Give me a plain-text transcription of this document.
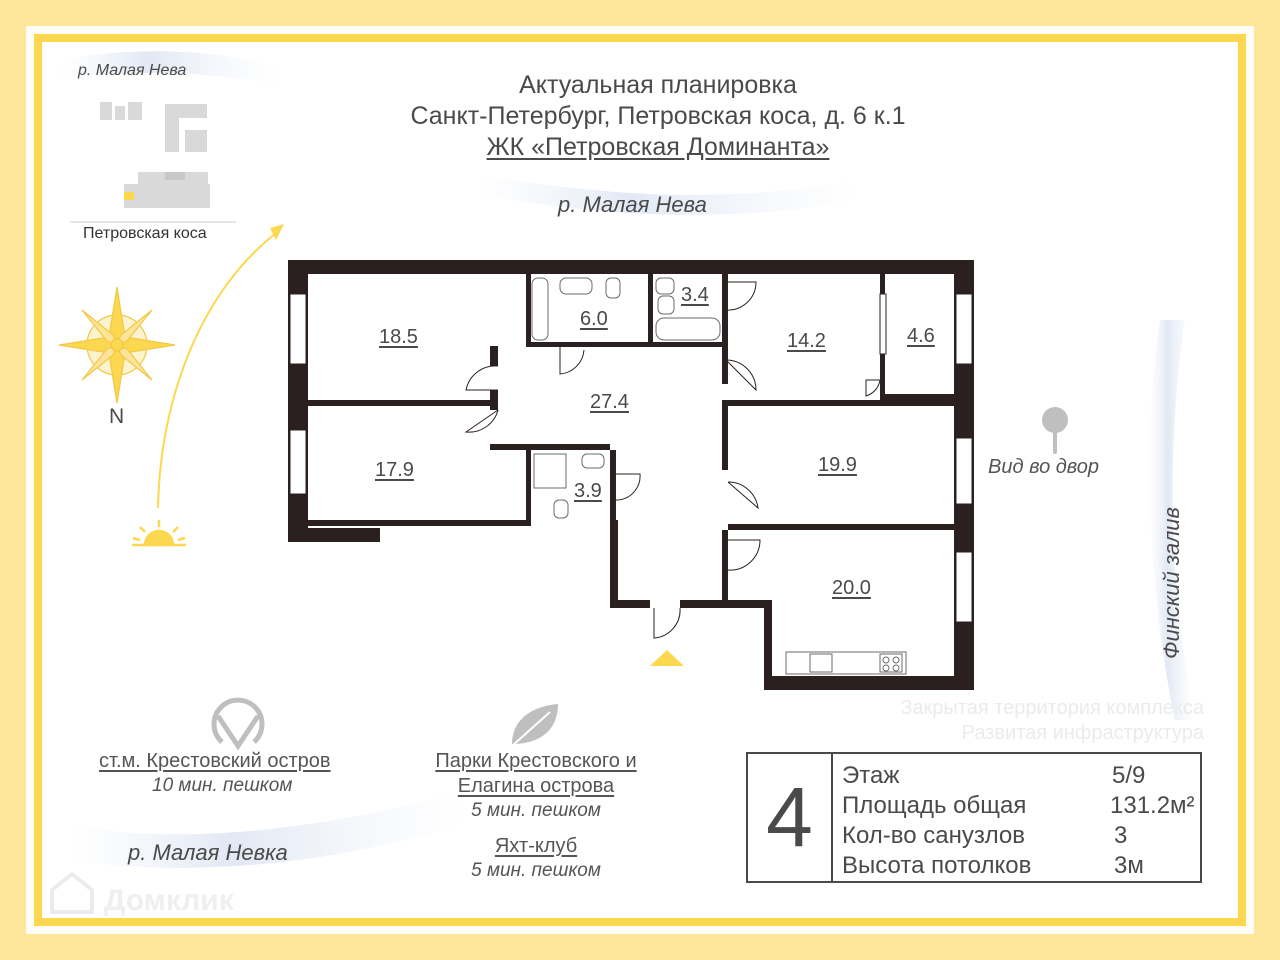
Актуальная планировка
Санкт-Петербург, Петровская коса, д. 6 к.1
ЖК «Петровская Доминанта»
р. Малая Нева
Петровская коса
N
р. Малая Нева
18.5
6.0
3.4
14.2	4.6
27.4
17.9
3.9
19.9
20.0
Вид во двор
Финский залив
Закрытая территория комплекса
Развитая инфраструктура
ст.м. Крестовский остров
10 мин. пешком
Парки Крестовского и
Елагина острова
5 мин. пешком
Яхт-клуб
5 мин. пешком
р. Малая Невка
Домклик
4	Этаж	5/9
Площадь общая	131.2м²
Кол-во санузлов	3
Высота потолков	3м
